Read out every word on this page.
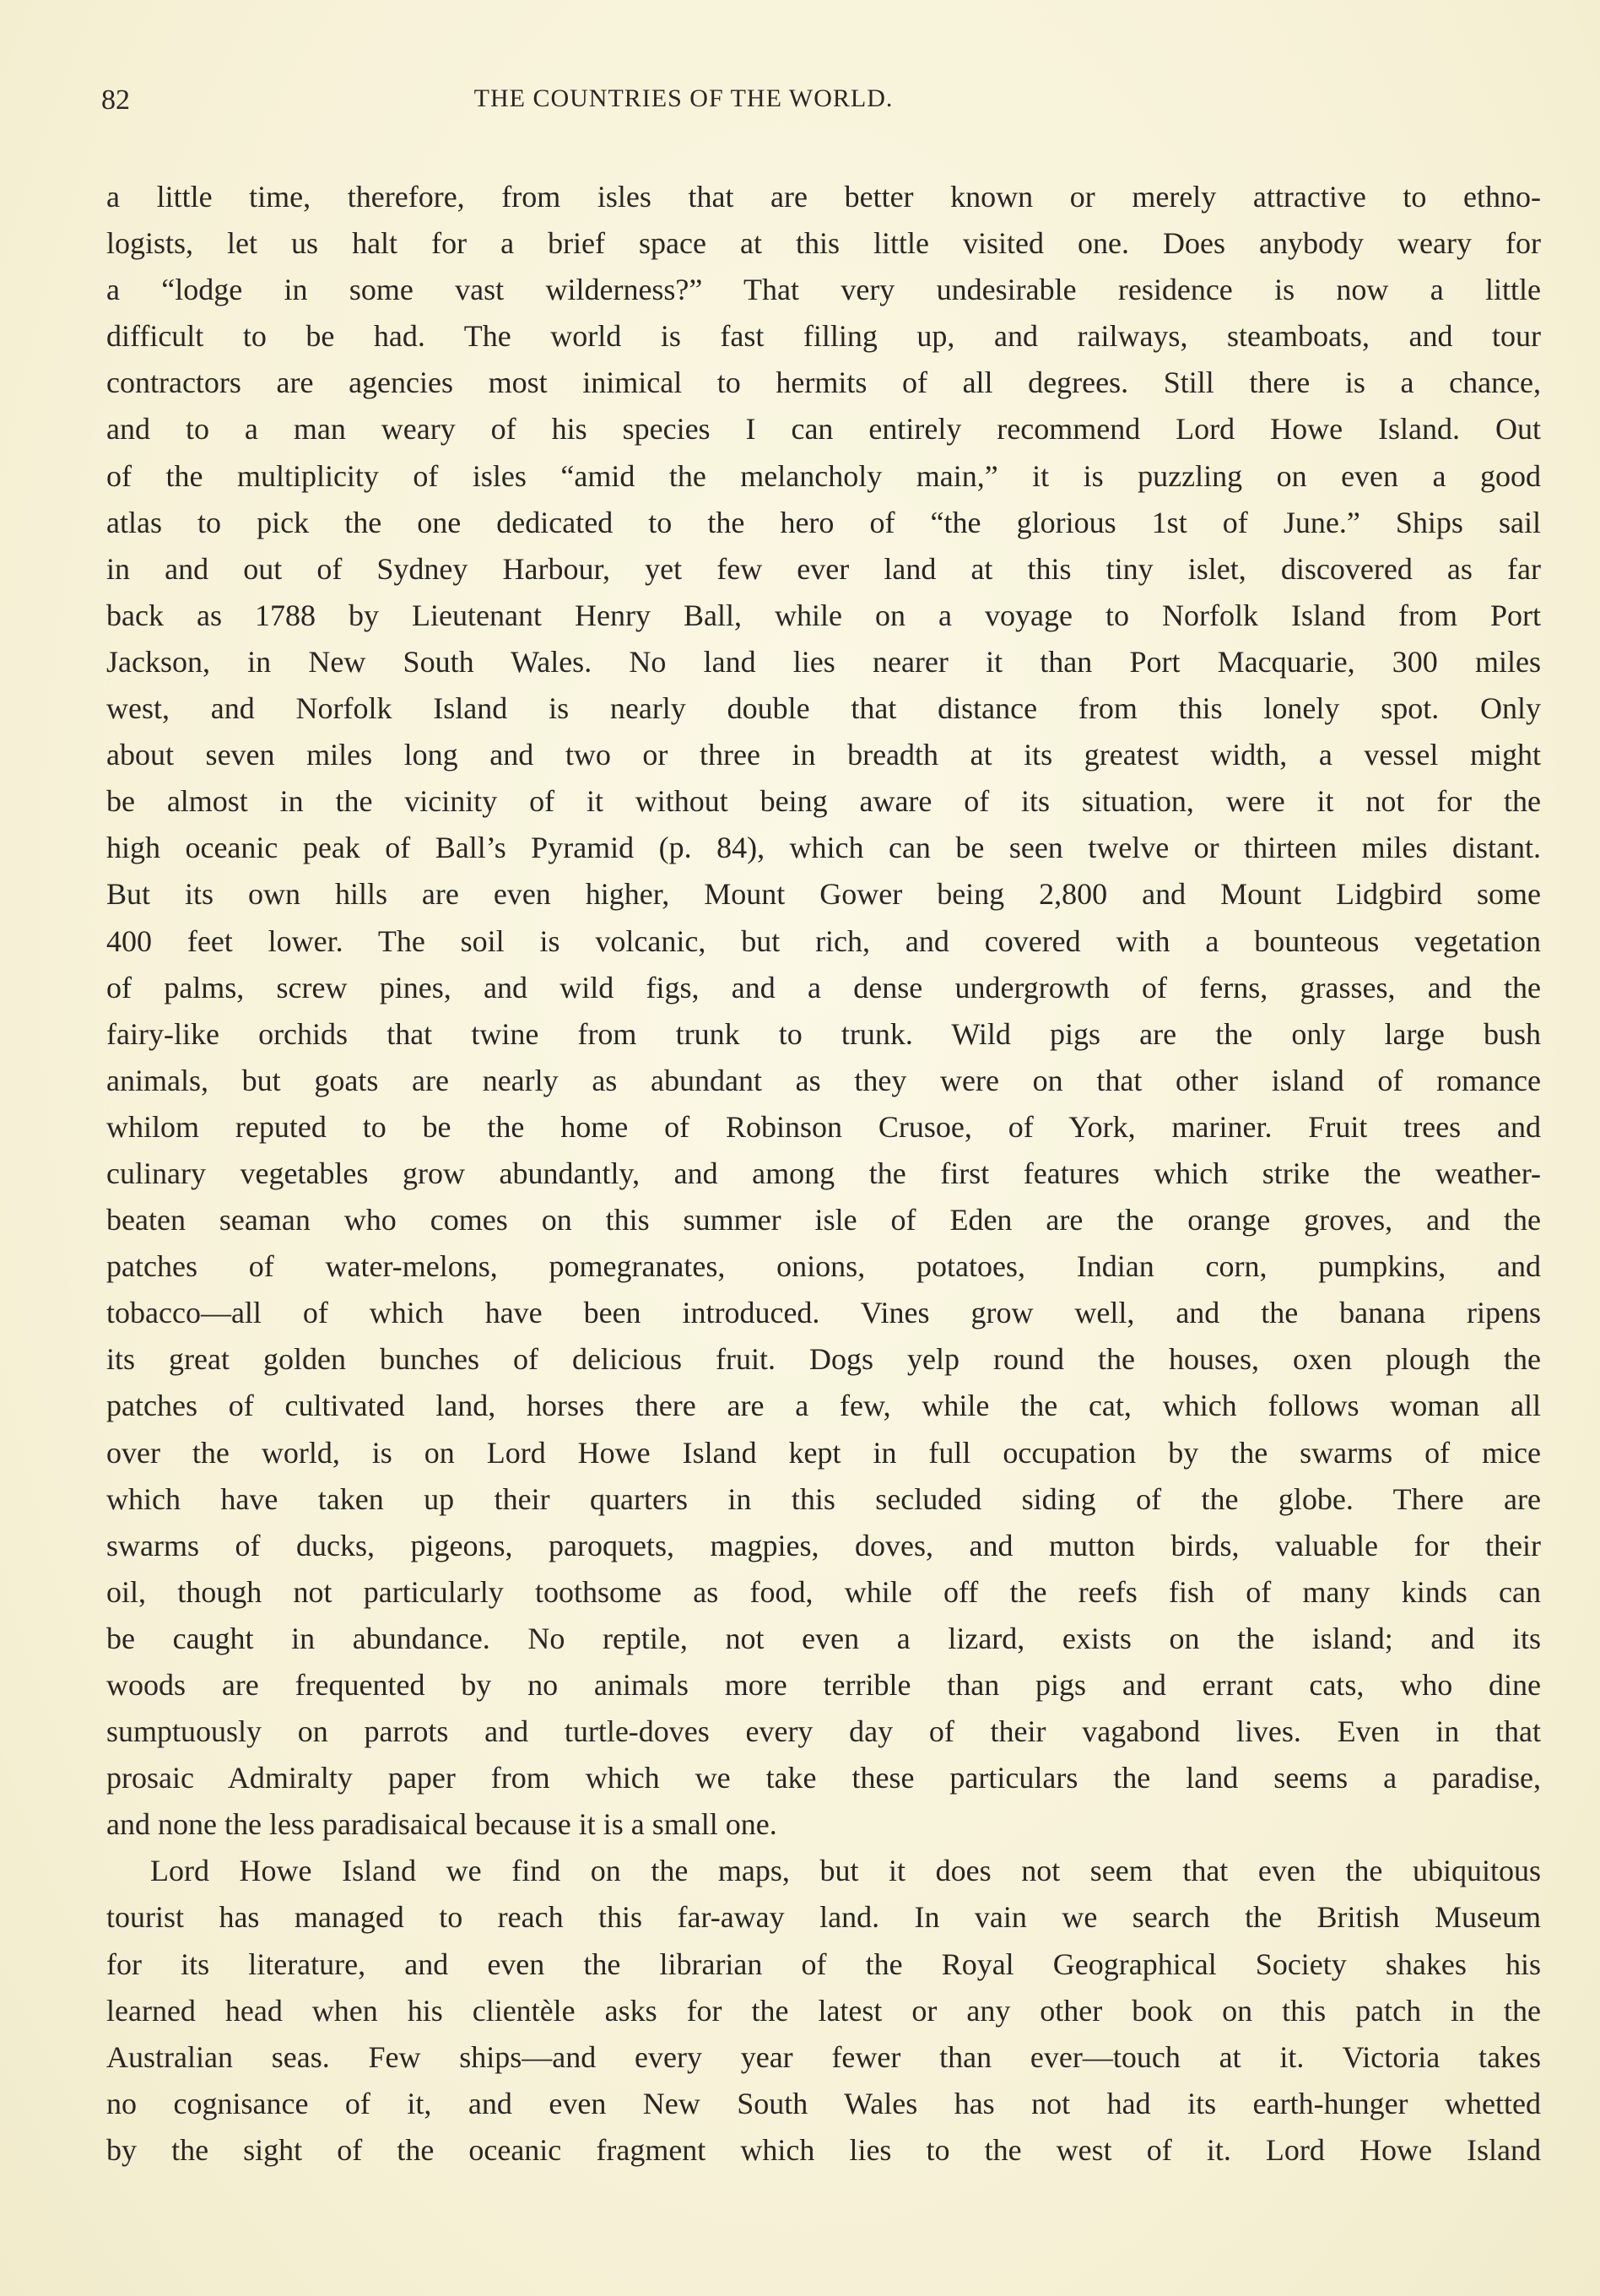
82	THE COUNTRIES OF THE WORLD.
a little time, therefore, from isles that are better known or merely attractive to ethno-
logists, let us halt for a brief space at this little visited one. Does anybody weary for
a “lodge in some vast wilderness?” That very undesirable residence is now a little
difficult to be had. The world is fast filling up, and railways, steamboats, and tour
contractors are agencies most inimical to hermits of all degrees. Still there is a chance,
and to a man weary of his species I can entirely recommend Lord Howe Island. Out
of the multiplicity of isles “amid the melancholy main,” it is puzzling on even a good
atlas to pick the one dedicated to the hero of “the glorious 1st of June.” Ships sail
in and out of Sydney Harbour, yet few ever land at this tiny islet, discovered as far
back as 1788 by Lieutenant Henry Ball, while on a voyage to Norfolk Island from Port
Jackson, in New South Wales. No land lies nearer it than Port Macquarie, 300 miles
west, and Norfolk Island is nearly double that distance from this lonely spot. Only
about seven miles long and two or three in breadth at its greatest width, a vessel might
be almost in the vicinity of it without being aware of its situation, were it not for the
high oceanic peak of Ball’s Pyramid (p. 84), which can be seen twelve or thirteen miles distant.
But its own hills are even higher, Mount Gower being 2,800 and Mount Lidgbird some
400 feet lower. The soil is volcanic, but rich, and covered with a bounteous vegetation
of palms, screw pines, and wild figs, and a dense undergrowth of ferns, grasses, and the
fairy-like orchids that twine from trunk to trunk. Wild pigs are the only large bush
animals, but goats are nearly as abundant as they were on that other island of romance
whilom reputed to be the home of Robinson Crusoe, of York, mariner. Fruit trees and
culinary vegetables grow abundantly, and among the first features which strike the weather-
beaten seaman who comes on this summer isle of Eden are the orange groves, and the
patches of water-melons, pomegranates, onions, potatoes, Indian corn, pumpkins, and
tobacco—all of which have been introduced. Vines grow well, and the banana ripens
its great golden bunches of delicious fruit. Dogs yelp round the houses, oxen plough the
patches of cultivated land, horses there are a few, while the cat, which follows woman all
over the world, is on Lord Howe Island kept in full occupation by the swarms of mice
which have taken up their quarters in this secluded siding of the globe. There are
swarms of ducks, pigeons, paroquets, magpies, doves, and mutton birds, valuable for their
oil, though not particularly toothsome as food, while off the reefs fish of many kinds can
be caught in abundance. No reptile, not even a lizard, exists on the island; and its
woods are frequented by no animals more terrible than pigs and errant cats, who dine
sumptuously on parrots and turtle-doves every day of their vagabond lives. Even in that
prosaic Admiralty paper from which we take these particulars the land seems a paradise,
and none the less paradisaical because it is a small one.
Lord Howe Island we find on the maps, but it does not seem that even the ubiquitous
tourist has managed to reach this far-away land. In vain we search the British Museum
for its literature, and even the librarian of the Royal Geographical Society shakes his
learned head when his clientèle asks for the latest or any other book on this patch in the
Australian seas. Few ships—and every year fewer than ever—touch at it. Victoria takes
no cognisance of it, and even New South Wales has not had its earth-hunger whetted
by the sight of the oceanic fragment which lies to the west of it. Lord Howe Island
